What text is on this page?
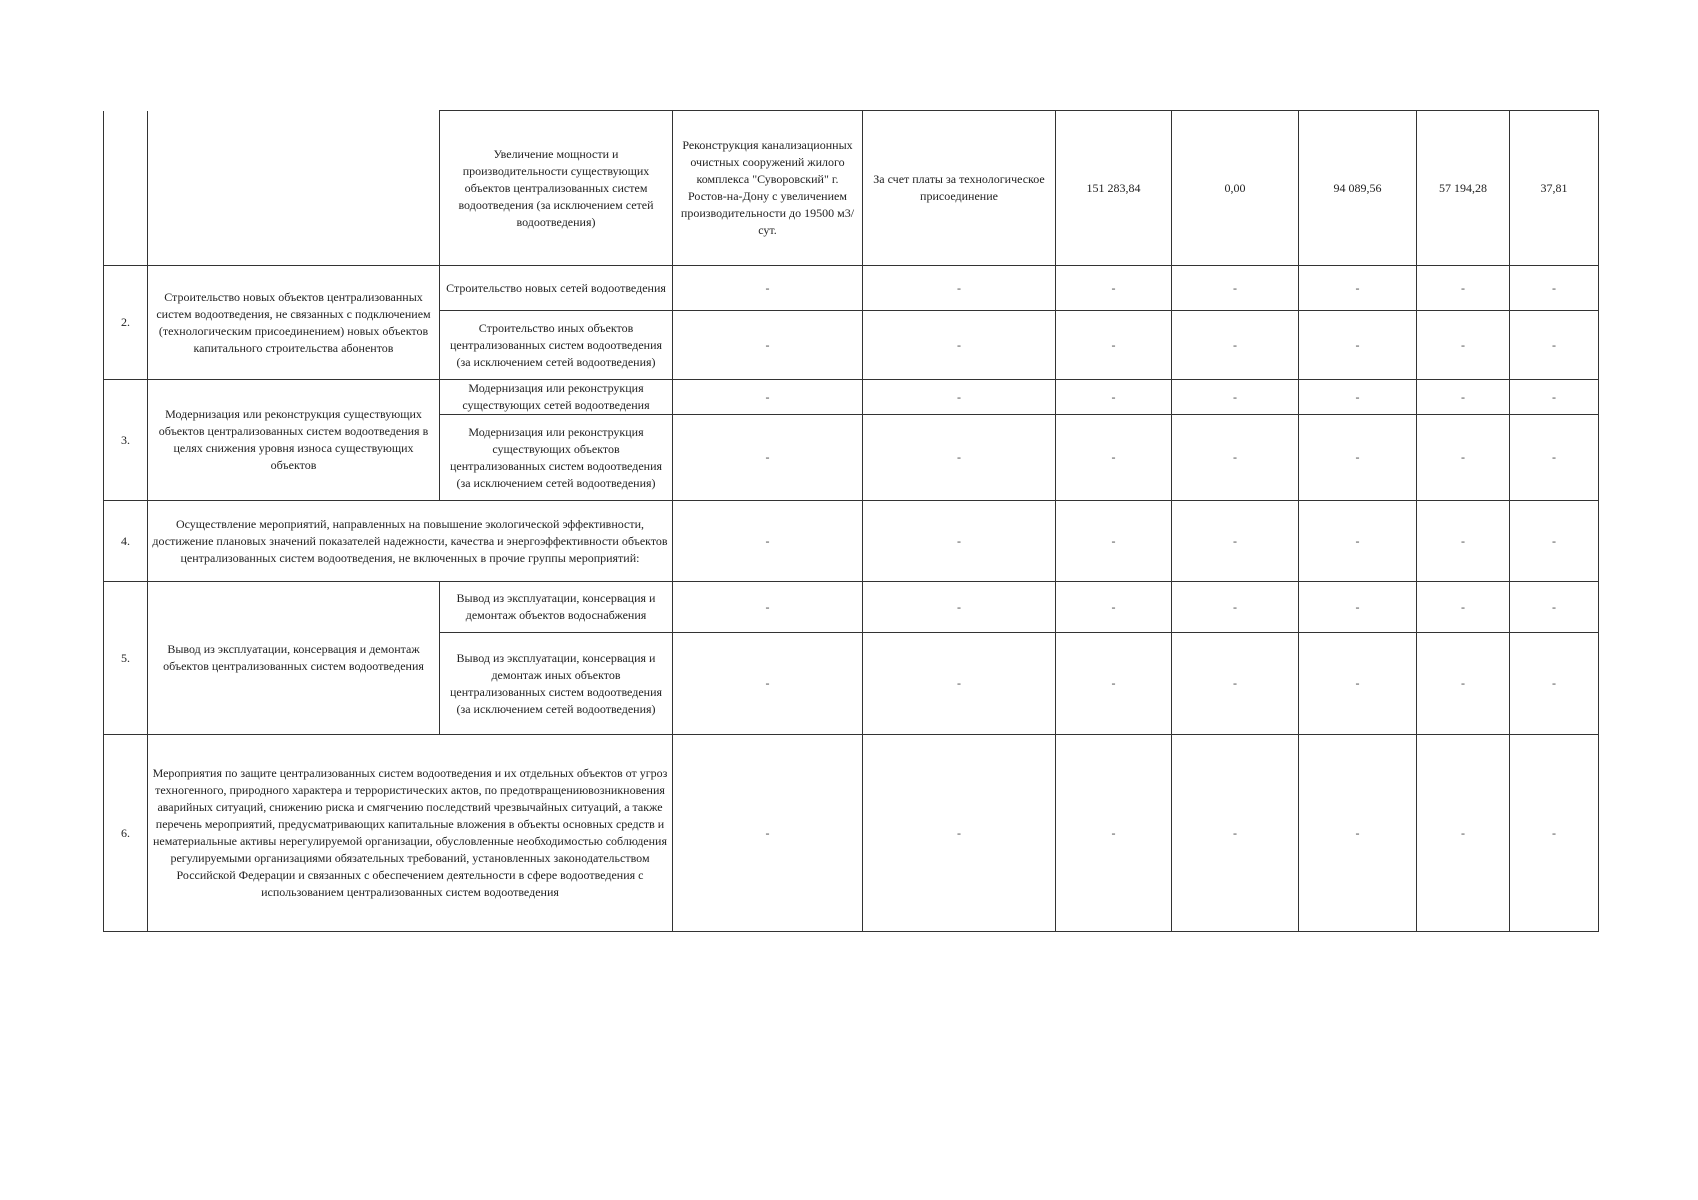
		Увеличение мощности и производительности существующих объектов централизованных систем водоотведения (за исключением сетей водоотведения)	Реконструкция канализационных очистных сооружений жилого комплекса "Суворовский" г. Ростов-на-Дону с увеличением производительности до 19500 м3/сут.	За счет платы за технологическое присоединение	151 283,84	0,00	94 089,56	57 194,28	37,81
2.	Строительство новых объектов централизованных систем водоотведения, не связанных с подключением (технологическим присоединением) новых объектов капитального строительства абонентов	Строительство новых сетей водоотведения	-	-	-	-	-	-	-
		Строительство иных объектов централизованных систем водоотведения (за исключением сетей водоотведения)	-	-	-	-	-	-	-
3.	Модернизация или реконструкция существующих объектов централизованных систем водоотведения в целях снижения уровня износа существующих объектов	Модернизация или реконструкция существующих сетей водоотведения	-	-	-	-	-	-	-
		Модернизация или реконструкция существующих объектов централизованных систем водоотведения (за исключением сетей водоотведения)	-	-	-	-	-	-	-
4.	Осуществление мероприятий, направленных на повышение экологической эффективности, достижение плановых значений показателей надежности, качества и энергоэффективности объектов централизованных систем водоотведения, не включенных в прочие группы мероприятий:		-	-	-	-	-	-	-
5.	Вывод из эксплуатации, консервация и демонтаж объектов централизованных систем водоотведения	Вывод из эксплуатации, консервация и демонтаж объектов водоснабжения	-	-	-	-	-	-	-
		Вывод из эксплуатации, консервация и демонтаж иных объектов централизованных систем водоотведения (за исключением сетей водоотведения)	-	-	-	-	-	-	-
6.	Мероприятия по защите централизованных систем водоотведения и их отдельных объектов от угроз техногенного, природного характера и террористических актов, по предотвращениювозникновения аварийных ситуаций, снижению риска и смягчению последствий чрезвычайных ситуаций, а также перечень мероприятий, предусматривающих капитальные вложения в объекты основных средств и нематериальные активы нерегулируемой организации, обусловленные необходимостью соблюдения регулируемыми организациями обязательных требований, установленных законодательством Российской Федерации и связанных с обеспечением деятельности в сфере водоотведения с использованием централизованных систем водоотведения		-	-	-	-	-	-	-
